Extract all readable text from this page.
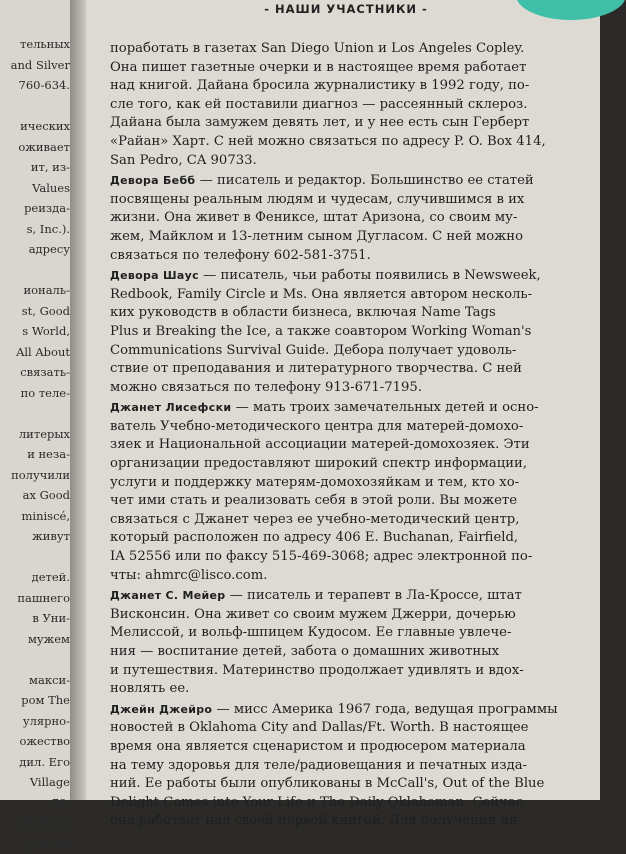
тельных
and Silver
760-634.

ических
оживает
ит, из-
Values
реизда-
s, Inc.).
адресу

иональ-
st, Good
s World,
All About
связать-
по теле-

литерых
и неза-
получили
ax Good
miniscé,
живут

детей.
пашнего
в Уни-
мужем

макси-
ром The
улярно-
ожество
дил. Его
Village
78.
в бульон
успела
- НАШИ УЧАСТНИКИ -
поработать в газетах San Diego Union и Los Angeles Copley.
Она пишет газетные очерки и в настоящее время работает
над книгой. Дайана бросила журналистику в 1992 году, по-
сле того, как ей поставили диагноз — рассеянный склероз.
Дайана была замужем девять лет, и у нее есть сын Герберт
«Райан» Харт. С ней можно связаться по адресу P. O. Box 414,
San Pedro, CA 90733.
Девора Бебб — писатель и редактор. Большинство ее статей
посвящены реальным людям и чудесам, случившимся в их
жизни. Она живет в Фениксе, штат Аризона, со своим му-
жем, Майклом и 13-летним сыном Дугласом. С ней можно
связаться по телефону 602-581-3751.
Девора Шаус — писатель, чьи работы появились в Newsweek,
Redbook, Family Circle и Ms. Она является автором несколь-
ких руководств в области бизнеса, включая Name Tags
Plus и Breaking the Ice, а также соавтором Working Woman's
Communications Survival Guide. Дебора получает удоволь-
ствие от преподавания и литературного творчества. С ней
можно связаться по телефону 913-671-7195.
Джанет Лисефски — мать троих замечательных детей и осно-
ватель Учебно-методического центра для матерей-домохо-
зяек и Национальной ассоциации матерей-домохозяек. Эти
организации предоставляют широкий спектр информации,
услуги и поддержку матерям-домохозяйкам и тем, кто хо-
чет ими стать и реализовать себя в этой роли. Вы можете
связаться с Джанет через ее учебно-методический центр,
который расположен по адресу 406 E. Buchanan, Fairfield,
IA 52556 или по факсу 515-469-3068; адрес электронной по-
чты: ahmrc@lisco.com.
Джанет С. Мейер — писатель и терапевт в Ла-Кроссе, штат
Висконсин. Она живет со своим мужем Джерри, дочерью
Мелиссой, и вольф-шпицем Кудосом. Ее главные увлече-
ния — воспитание детей, забота о домашних животных
и путешествия. Материнство продолжает удивлять и вдох-
новлять ее.
Джейн Джейро — мисс Америка 1967 года, ведущая программы
новостей в Oklahoma City and Dallas/Ft. Worth. В настоящее
время она является сценаристом и продюсером материала
на тему здоровья для теле/радиовещания и печатных изда-
ний. Ее работы были опубликованы в McCall's, Out of the Blue
Delight Comes into Your Life и The Daily Oklahoman. Сейчас
она работает над своей первой книгой. Для получения ин-
